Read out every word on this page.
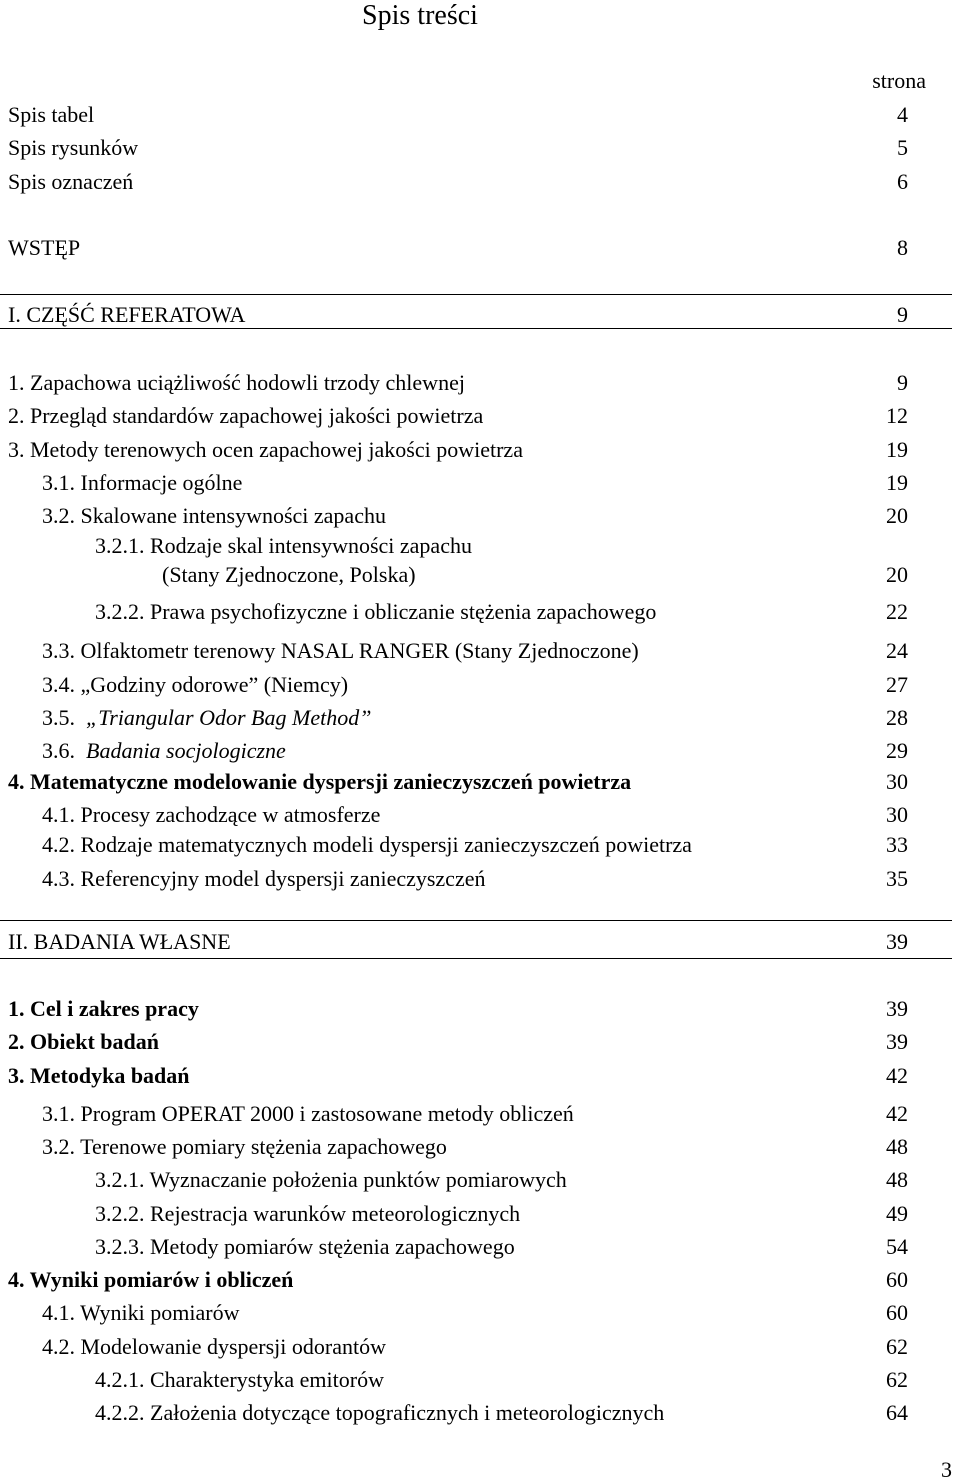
Spis treści
strona
Spis tabel	4
Spis rysunków	5
Spis oznaczeń	6
WSTĘP	8
I. CZĘŚĆ REFERATOWA	9
1. Zapachowa uciążliwość hodowli trzody chlewnej	9
2. Przegląd standardów zapachowej jakości powietrza	12
3. Metody terenowych ocen zapachowej jakości powietrza	19
3.1. Informacje ogólne	19
3.2. Skalowane intensywności zapachu	20
3.2.1. Rodzaje skal intensywności zapachu
(Stany Zjednoczone, Polska)	20
3.2.2. Prawa psychofizyczne i obliczanie stężenia zapachowego	22
3.3. Olfaktometr terenowy NASAL RANGER (Stany Zjednoczone)	24
3.4. „Godziny odorowe” (Niemcy)	27
3.5. „Triangular Odor Bag Method”	28
3.6. Badania socjologiczne	29
4. Matematyczne modelowanie dyspersji zanieczyszczeń powietrza	30
4.1. Procesy zachodzące w atmosferze	30
4.2. Rodzaje matematycznych modeli dyspersji zanieczyszczeń powietrza	33
4.3. Referencyjny model dyspersji zanieczyszczeń	35
II. BADANIA WŁASNE	39
1. Cel i zakres pracy	39
2. Obiekt badań	39
3. Metodyka badań	42
3.1. Program OPERAT 2000 i zastosowane metody obliczeń	42
3.2. Terenowe pomiary stężenia zapachowego	48
3.2.1. Wyznaczanie położenia punktów pomiarowych	48
3.2.2. Rejestracja warunków meteorologicznych	49
3.2.3. Metody pomiarów stężenia zapachowego	54
4. Wyniki pomiarów i obliczeń	60
4.1. Wyniki pomiarów	60
4.2. Modelowanie dyspersji odorantów	62
4.2.1. Charakterystyka emitorów	62
4.2.2. Założenia dotyczące topograficznych i meteorologicznych	64
3
